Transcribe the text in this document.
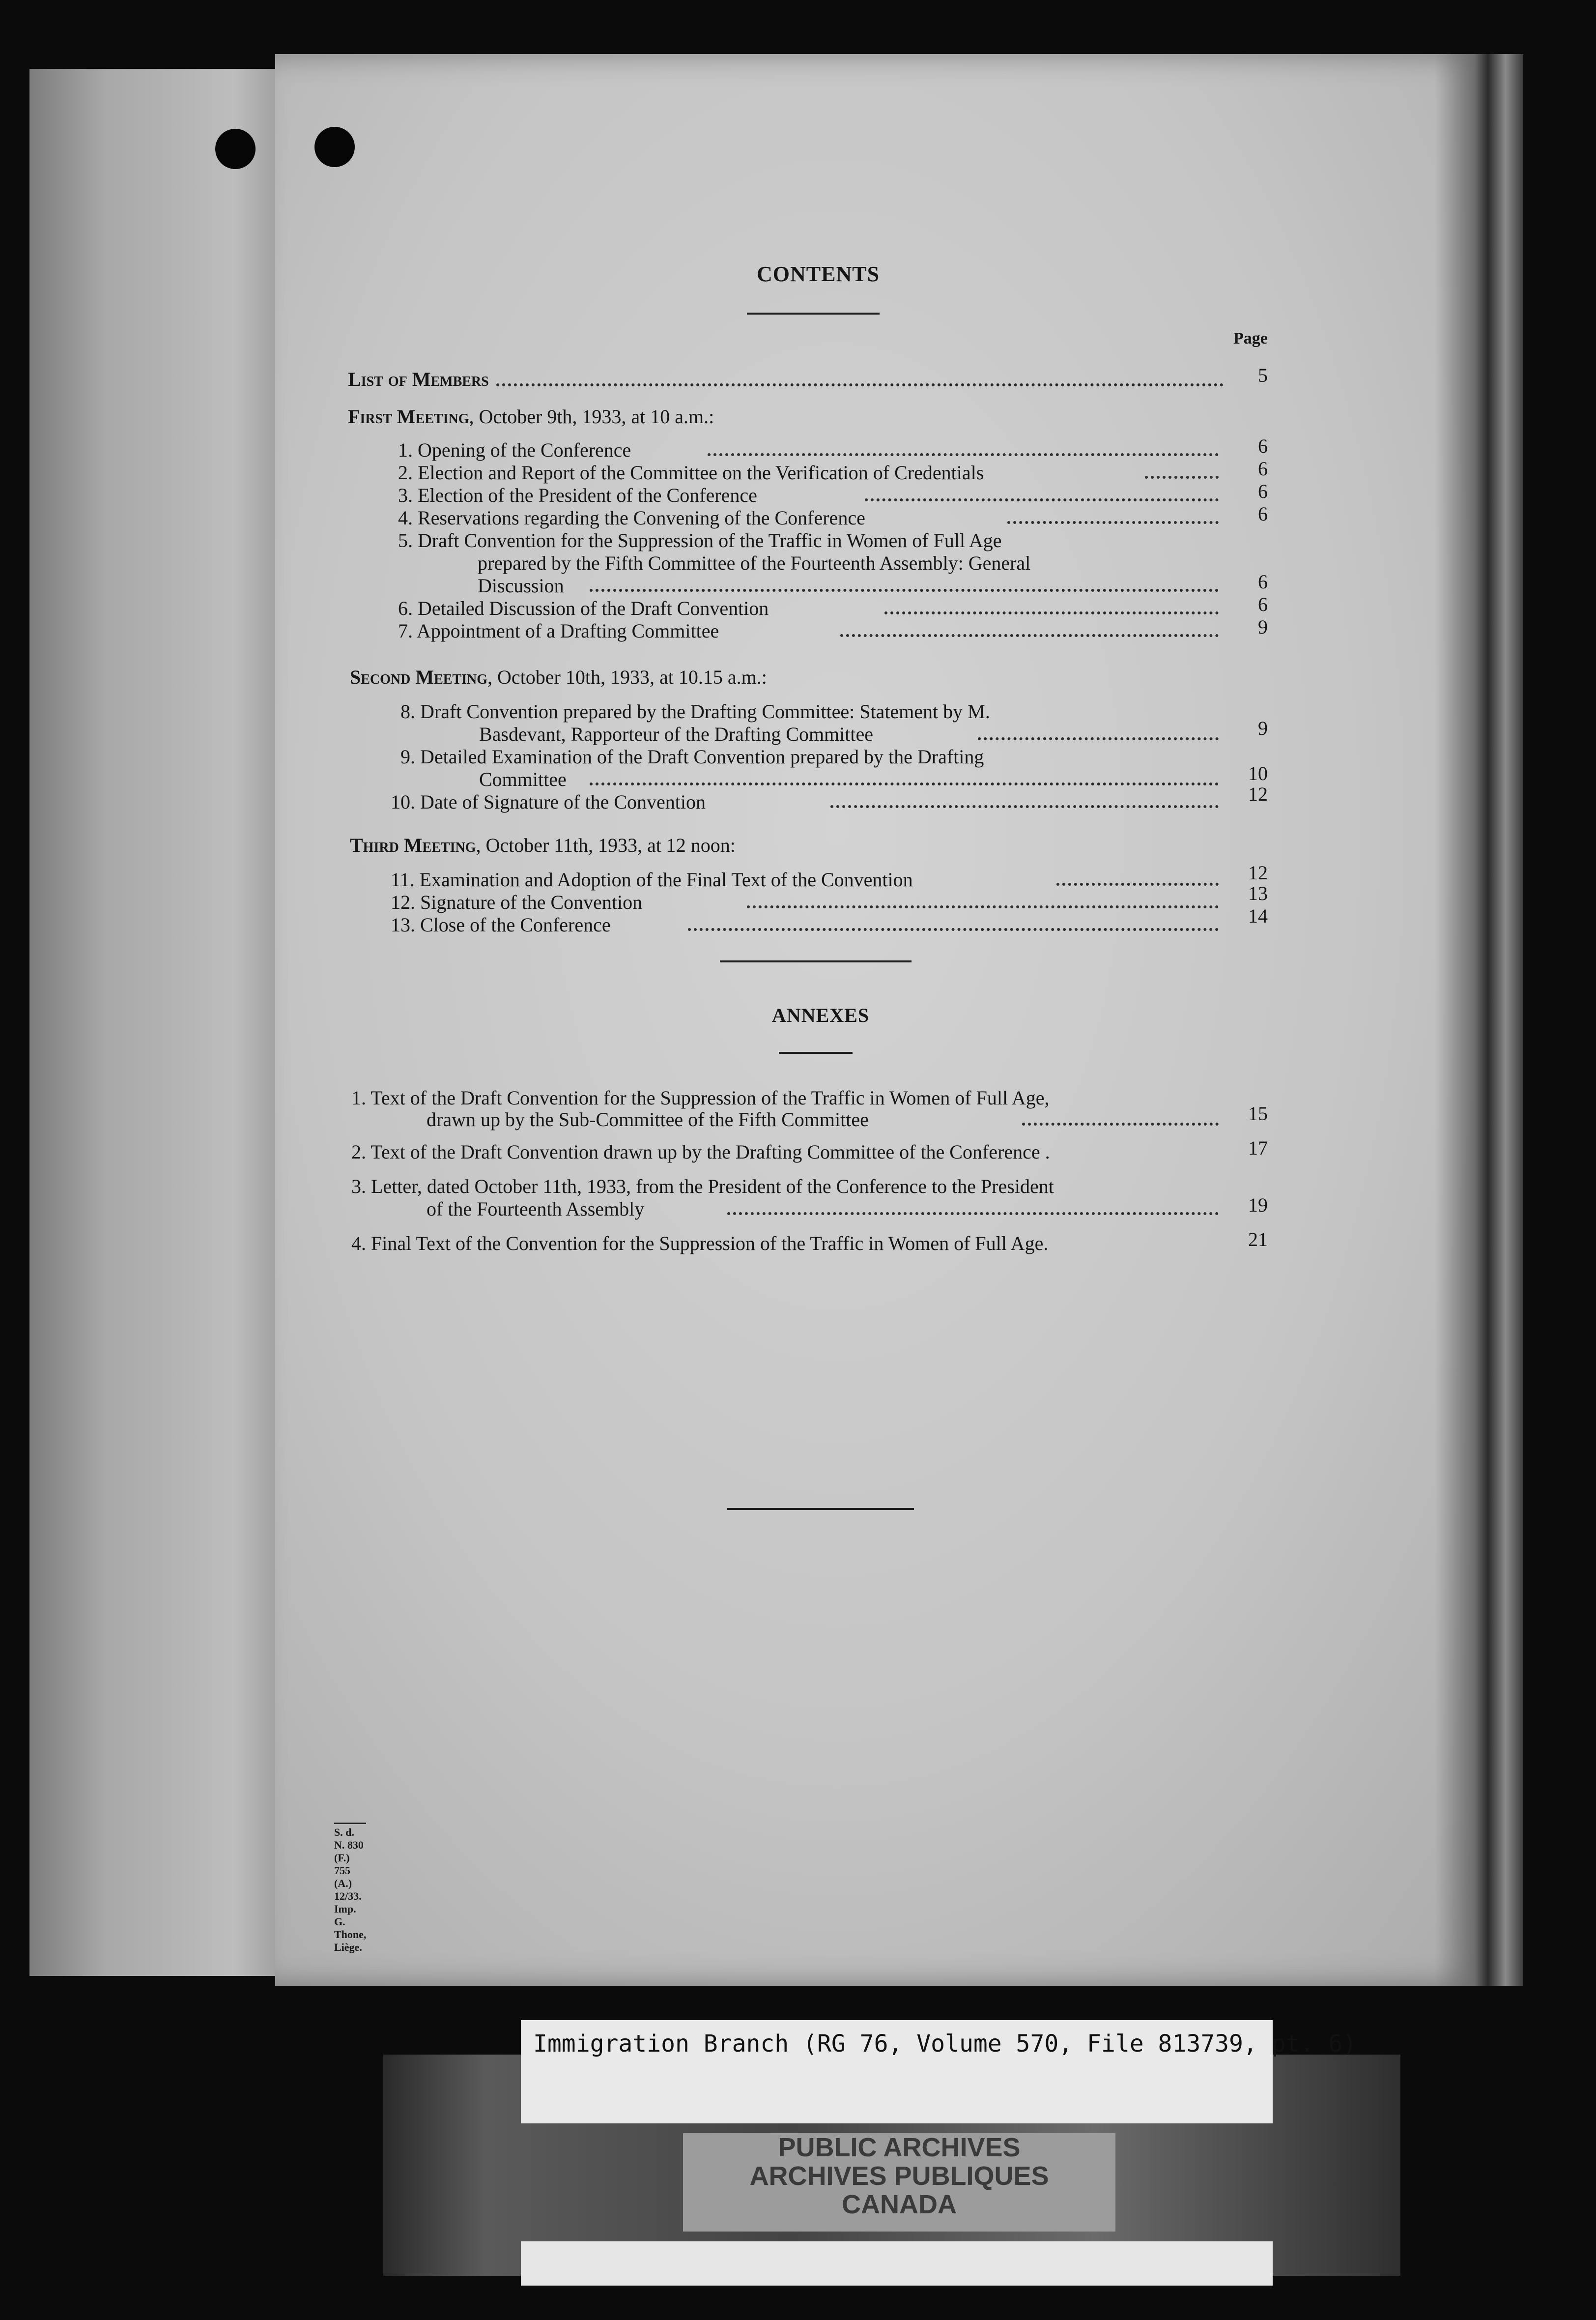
CONTENTS
Page
List of Members	5
First Meeting, October 9th, 1933, at 10 a.m.:
1. Opening of the Conference	6
2. Election and Report of the Committee on the Verification of Credentials	6
3. Election of the President of the Conference	6
4. Reservations regarding the Convening of the Conference	6
5. Draft Convention for the Suppression of the Traffic in Women of Full Age
prepared by the Fifth Committee of the Fourteenth Assembly: General
Discussion	6
6. Detailed Discussion of the Draft Convention	6
7. Appointment of a Drafting Committee	9
Second Meeting, October 10th, 1933, at 10.15 a.m.:
8. Draft Convention prepared by the Drafting Committee: Statement by M.
Basdevant, Rapporteur of the Drafting Committee	9
9. Detailed Examination of the Draft Convention prepared by the Drafting
Committee	10
10. Date of Signature of the Convention	12
Third Meeting, October 11th, 1933, at 12 noon:
11. Examination and Adoption of the Final Text of the Convention	12
12. Signature of the Convention	13
13. Close of the Conference	14
ANNEXES
1. Text of the Draft Convention for the Suppression of the Traffic in Women of Full Age,
drawn up by the Sub-Committee of the Fifth Committee	15
2. Text of the Draft Convention drawn up by the Drafting Committee of the Conference .	17
3. Letter, dated October 11th, 1933, from the President of the Conference to the President
of the Fourteenth Assembly	19
4. Final Text of the Convention for the Suppression of the Traffic in Women of Full Age.	21
S. d. N. 830 (F.) 755 (A.) 12/33. Imp. G. Thone, Liège.
Immigration Branch (RG 76, Volume 570, File 813739, pt. 6)
PUBLIC ARCHIVES
ARCHIVES PUBLIQUES
CANADA
